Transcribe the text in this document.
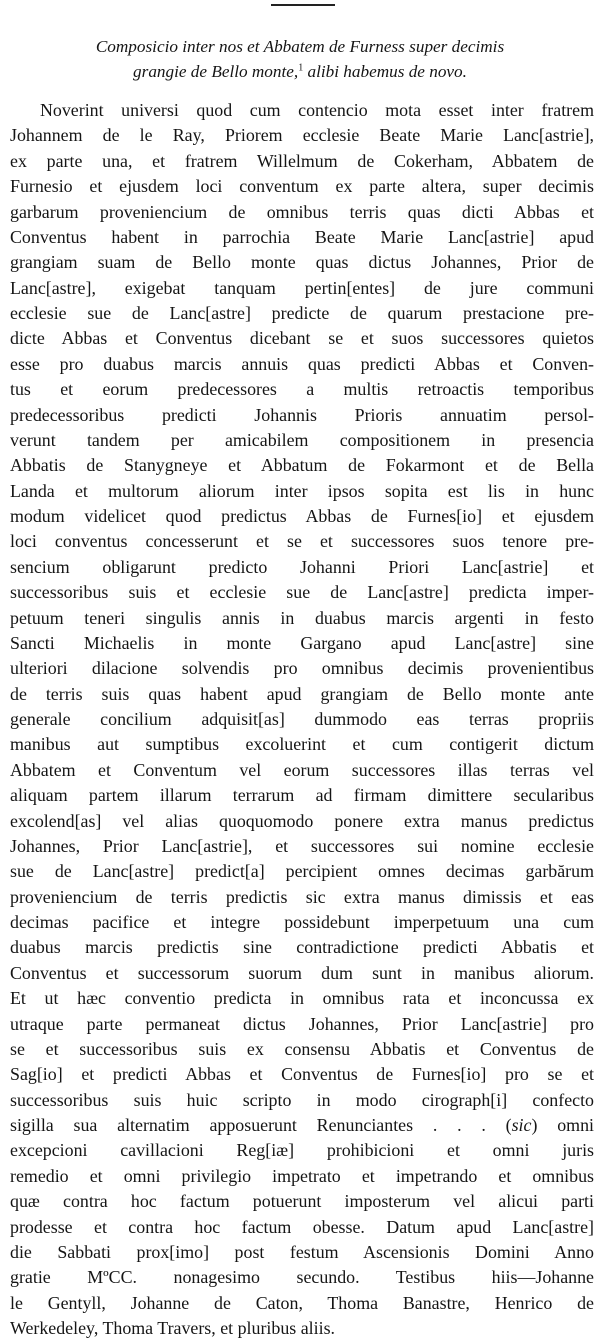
Composicio inter nos et Abbatem de Furness super decimis
grangie de Bello monte,$^1$ alibi habemus de novo.
Noverint universi quod cum contencio mota esset inter fratrem
Johannem de le Ray, Priorem ecclesie Beate Marie Lanc[astrie],
ex parte una, et fratrem Willelmum de Cokerham, Abbatem de
Furnesio et ejusdem loci conventum ex parte altera, super decimis
garbarum proveniencium de omnibus terris quas dicti Abbas et
Conventus habent in parrochia Beate Marie Lanc[astrie] apud
grangiam suam de Bello monte quas dictus Johannes, Prior de
Lanc[astre], exigebat tanquam pertin[entes] de jure communi
ecclesie sue de Lanc[astre] predicte de quarum prestacione pre-
dicte Abbas et Conventus dicebant se et suos successores quietos
esse pro duabus marcis annuis quas predicti Abbas et Conven-
tus et eorum predecessores a multis retroactis temporibus
predecessoribus predicti Johannis Prioris annuatim persol-
verunt tandem per amicabilem compositionem in presencia
Abbatis de Stanygneye et Abbatum de Fokarmont et de Bella
Landa et multorum aliorum inter ipsos sopita est lis in hunc
modum videlicet quod predictus Abbas de Furnes[io] et ejusdem
loci conventus concesserunt et se et successores suos tenore pre-
sencium obligarunt predicto Johanni Priori Lanc[astrie] et
successoribus suis et ecclesie sue de Lanc[astre] predicta imper-
petuum teneri singulis annis in duabus marcis argenti in festo
Sancti Michaelis in monte Gargano apud Lanc[astre] sine
ulteriori dilacione solvendis pro omnibus decimis provenientibus
de terris suis quas habent apud grangiam de Bello monte ante
generale concilium adquisit[as] dummodo eas terras propriis
manibus aut sumptibus excoluerint et cum contigerit dictum
Abbatem et Conventum vel eorum successores illas terras vel
aliquam partem illarum terrarum ad firmam dimittere secularibus
excolend[as] vel alias quoquomodo ponere extra manus predictus
Johannes, Prior Lanc[astrie], et successores sui nomine ecclesie
sue de Lanc[astre] predict[a] percipient omnes decimas garbărum
proveniencium de terris predictis sic extra manus dimissis et eas
decimas pacifice et integre possidebunt imperpetuum una cum
duabus marcis predictis sine contradictione predicti Abbatis et
Conventus et successorum suorum dum sunt in manibus aliorum.
Et ut hæc conventio predicta in omnibus rata et inconcussa ex
utraque parte permaneat dictus Johannes, Prior Lanc[astrie] pro
se et successoribus suis ex consensu Abbatis et Conventus de
Sag[io] et predicti Abbas et Conventus de Furnes[io] pro se et
successoribus suis huic scripto in modo cirograph[i] confecto
sigilla sua alternatim apposuerunt Renunciantes . . . (sic) omni
excepcioni cavillacioni Reg[iæ] prohibicioni et omni juris
remedio et omni privilegio impetrato et impetrando et omnibus
quæ contra hoc factum potuerunt imposterum vel alicui parti
prodesse et contra hoc factum obesse. Datum apud Lanc[astre]
die Sabbati prox[imo] post festum Ascensionis Domini Anno
gratie MºCC. nonagesimo secundo. Testibus hiis—Johanne
le Gentyll, Johanne de Caton, Thoma Banastre, Henrico de
Werkedeley, Thoma Travers, et pluribus aliis.
